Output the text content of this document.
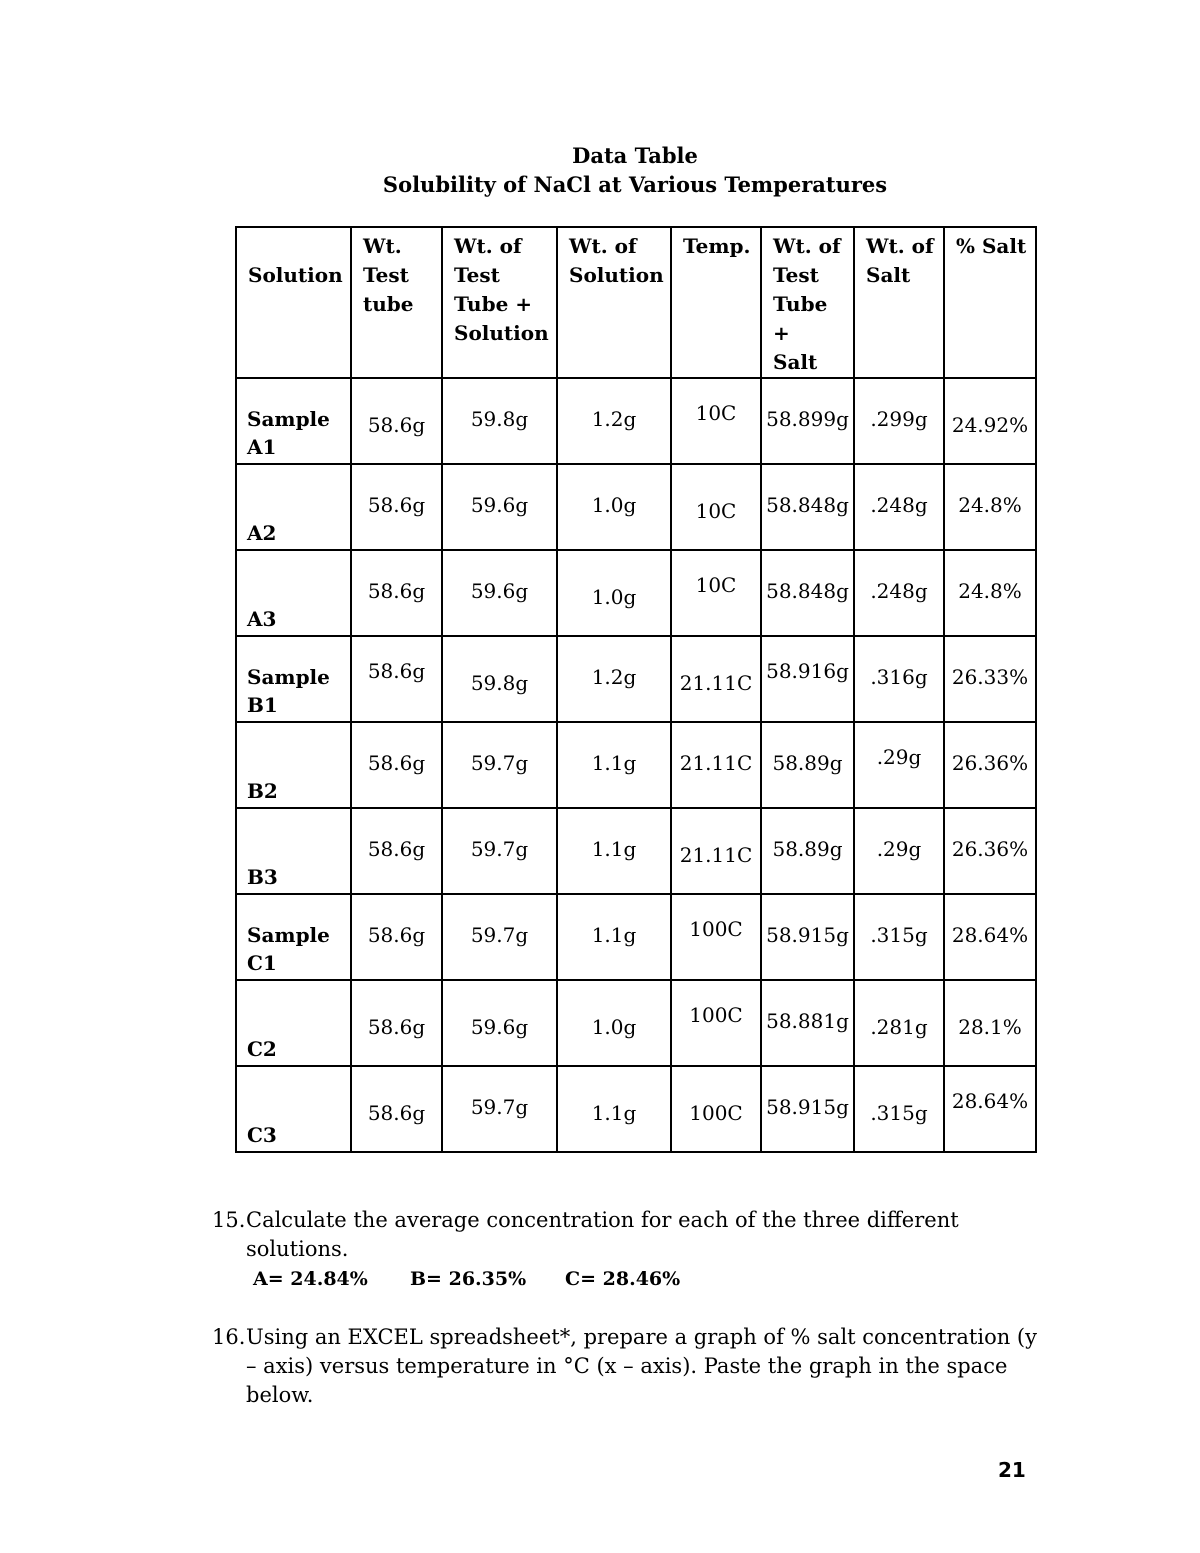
Data Table
Solubility of NaCl at Various Temperatures
Solution	Wt.
Test
tube	Wt. of
Test
Tube +
Solution	Wt. of
Solution	Temp.	Wt. of
Test
Tube
+
Salt	Wt. of
Salt	% Salt

Sample
A1	58.6g	59.8g	1.2g	10C	58.899g	.299g	24.92%

A2	58.6g	59.6g	1.0g	10C	58.848g	.248g	24.8%

A3	58.6g	59.6g	1.0g	10C	58.848g	.248g	24.8%

Sample
B1	58.6g	59.8g	1.2g	21.11C	58.916g	.316g	26.33%

B2	58.6g	59.7g	1.1g	21.11C	58.89g	.29g	26.36%

B3	58.6g	59.7g	1.1g	21.11C	58.89g	.29g	26.36%

Sample
C1	58.6g	59.7g	1.1g	100C	58.915g	.315g	28.64%

C2	58.6g	59.6g	1.0g	100C	58.881g	.281g	28.1%

C3	58.6g	59.7g	1.1g	100C	58.915g	.315g	28.64%
15. Calculate the average concentration for each of the three different solutions.
A= 24.84% B= 26.35% C= 28.46%
16. Using an EXCEL spreadsheet*, prepare a graph of % salt concentration (y – axis) versus temperature in °C (x – axis). Paste the graph in the space below.
21
